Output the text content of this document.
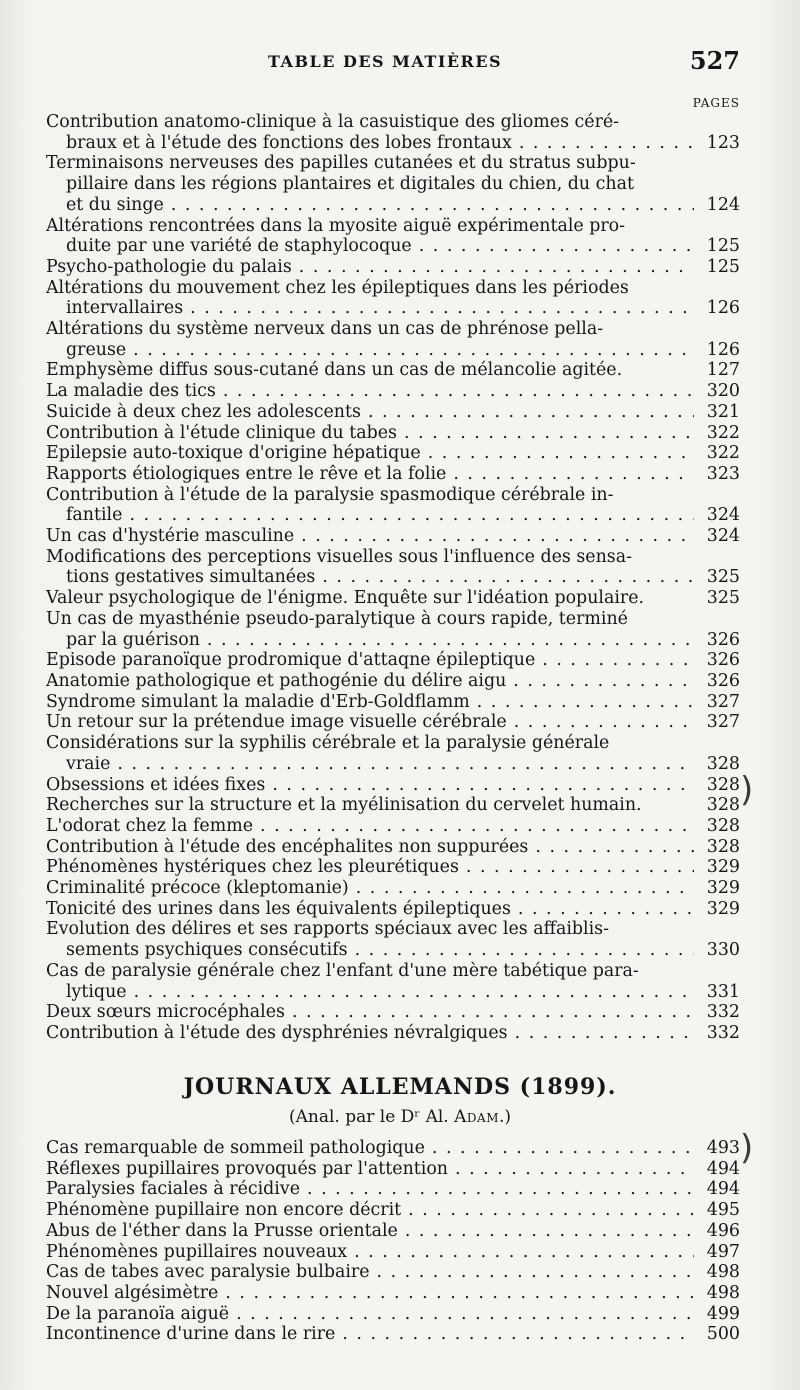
TABLE DES MATIÈRES	527
PAGES
Contribution anatomo-clinique à la casuistique des gliomes céré-
braux et à l'étude des fonctions des lobes frontaux . . .	123
Terminaisons nerveuses des papilles cutanées et du stratus subpu-
pillaire dans les régions plantaires et digitales du chien, du chat
et du singe . . .	124
Altérations rencontrées dans la myosite aiguë expérimentale pro-
duite par une variété de staphylocoque . . .	125
Psycho-pathologie du palais . . .	125
Altérations du mouvement chez les épileptiques dans les périodes
intervallaires . . .	126
Altérations du système nerveux dans un cas de phrénose pella-
greuse . . .	126
Emphysème diffus sous-cutané dans un cas de mélancolie agitée.	127
La maladie des tics . . .	320
Suicide à deux chez les adolescents . . .	321
Contribution à l'étude clinique du tabes . . .	322
Epilepsie auto-toxique d'origine hépatique . . .	322
Rapports étiologiques entre le rêve et la folie . . .	323
Contribution à l'étude de la paralysie spasmodique cérébrale in-
fantile . . .	324
Un cas d'hystérie masculine . . .	324
Modifications des perceptions visuelles sous l'influence des sensa-
tions gestatives simultanées . . .	325
Valeur psychologique de l'énigme. Enquête sur l'idéation populaire.	325
Un cas de myasthénie pseudo-paralytique à cours rapide, terminé
par la guérison . . .	326
Episode paranoïque prodromique d'attaqne épileptique . . .	326
Anatomie pathologique et pathogénie du délire aigu . . .	326
Syndrome simulant la maladie d'Erb-Goldflamm . . .	327
Un retour sur la prétendue image visuelle cérébrale . . .	327
Considérations sur la syphilis cérébrale et la paralysie générale
vraie . . .	328
Obsessions et idées fixes . . .	328
Recherches sur la structure et la myélinisation du cervelet humain.	328
L'odorat chez la femme . . .	328
Contribution à l'étude des encéphalites non suppurées . . .	328
Phénomènes hystériques chez les pleurétiques . . .	329
Criminalité précoce (kleptomanie) . . .	329
Tonicité des urines dans les équivalents épileptiques . . .	329
Evolution des délires et ses rapports spéciaux avec les affaiblis-
sements psychiques consécutifs . . .	330
Cas de paralysie générale chez l'enfant d'une mère tabétique para-
lytique . . .	331
Deux sœurs microcéphales . . .	332
Contribution à l'étude des dysphrénies névralgiques . . .	332
JOURNAUX ALLEMANDS (1899).
(Anal. par le Dʳ Al. Adam.)
Cas remarquable de sommeil pathologique . . .	493
Réflexes pupillaires provoqués par l'attention . . .	494
Paralysies faciales à récidive . . .	494
Phénomène pupillaire non encore décrit . . .	495
Abus de l'éther dans la Prusse orientale . . .	496
Phénomènes pupillaires nouveaux . . .	497
Cas de tabes avec paralysie bulbaire . . .	498
Nouvel algésimètre . . .	498
De la paranoïa aiguë . . .	499
Incontinence d'urine dans le rire . . .	500
)
)
